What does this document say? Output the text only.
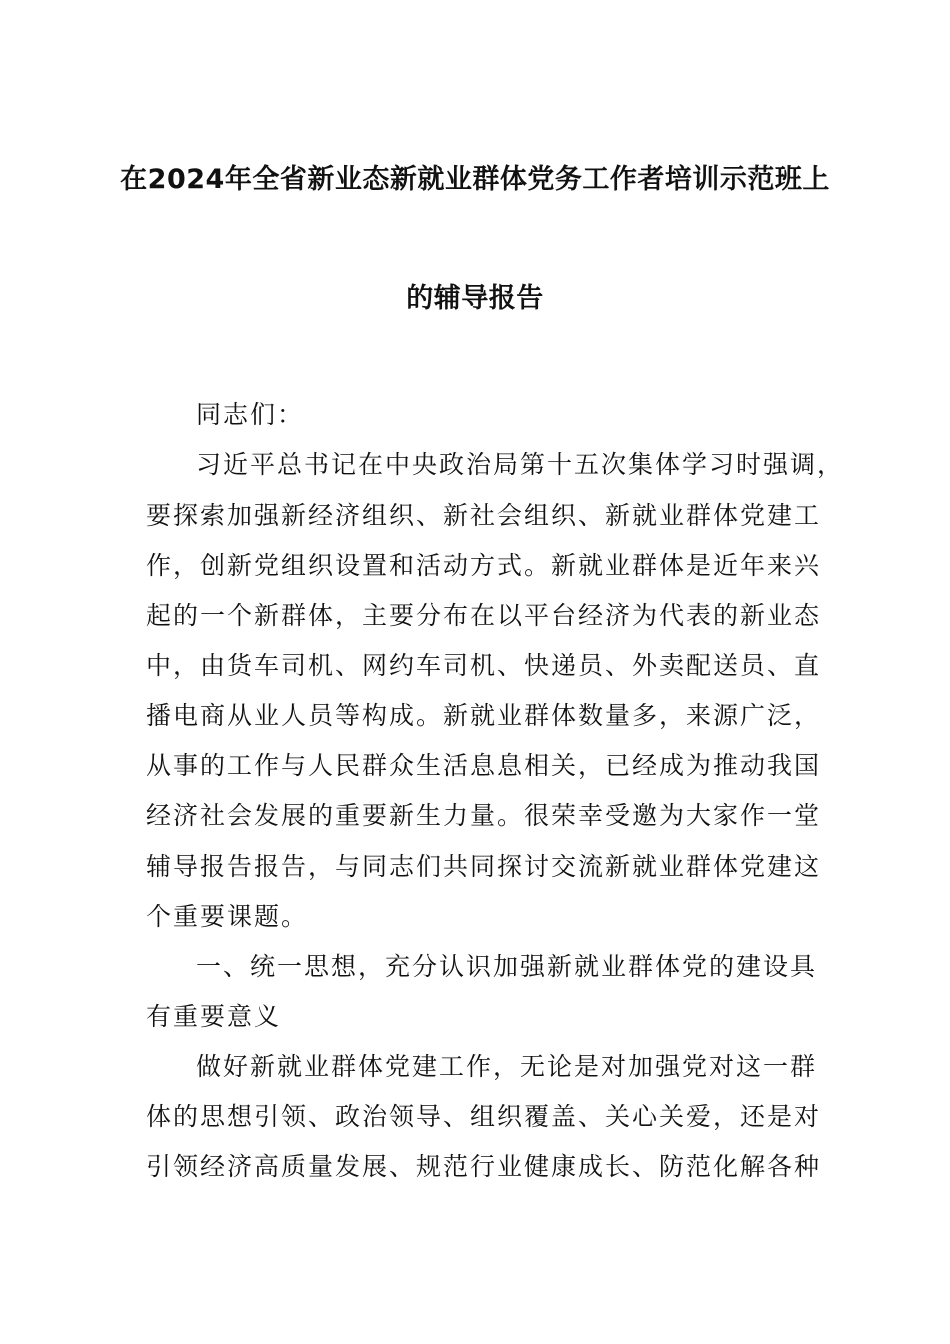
在2024年全省新业态新就业群体党务工作者培训示范班上
的辅导报告
同志们：
习近平总书记在中央政治局第十五次集体学习时强调，
要探索加强新经济组织、新社会组织、新就业群体党建工
作，创新党组织设置和活动方式。新就业群体是近年来兴
起的一个新群体，主要分布在以平台经济为代表的新业态
中，由货车司机、网约车司机、快递员、外卖配送员、直
播电商从业人员等构成。新就业群体数量多，来源广泛，
从事的工作与人民群众生活息息相关，已经成为推动我国
经济社会发展的重要新生力量。很荣幸受邀为大家作一堂
辅导报告报告，与同志们共同探讨交流新就业群体党建这
个重要课题。
一、统一思想，充分认识加强新就业群体党的建设具
有重要意义
做好新就业群体党建工作，无论是对加强党对这一群
体的思想引领、政治领导、组织覆盖、关心关爱，还是对
引领经济高质量发展、规范行业健康成长、防范化解各种
